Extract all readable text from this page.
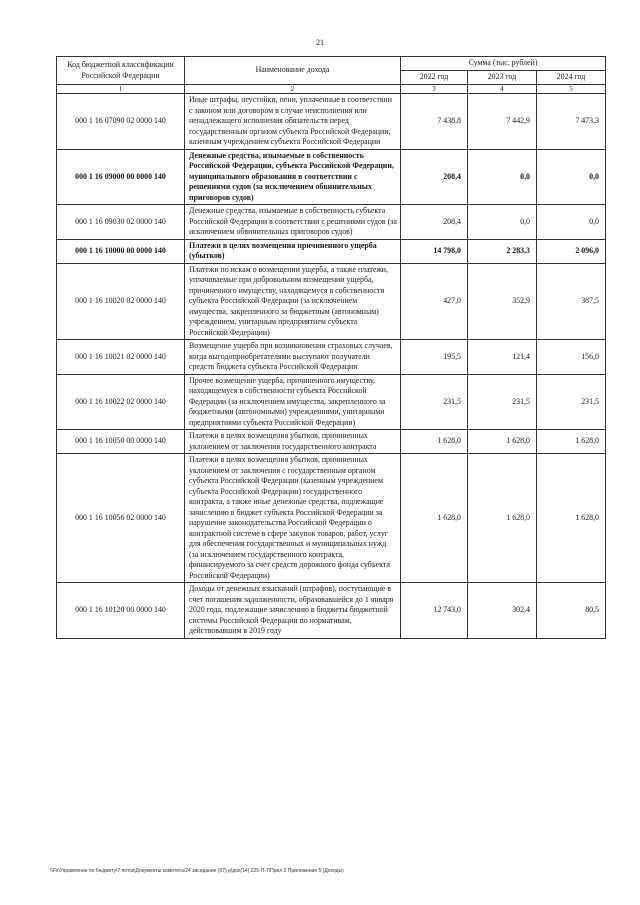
21
Код бюджетной классификации Российской Федерации	Наименование дохода	Сумма (тыс. рублей)		
		2022 год	2023 год	2024 год
1	2	3	4	5
000 1 16 07090 02 0000 140	Иные штрафы, неустойки, пени, уплаченные в соответствии с законом или договором в случае неисполнения или ненадлежащего исполнения обязательств перед государственным органом субъекта Российской Федерации, казенным учреждением субъекта Российской Федерации	7 438,8	7 442,9	7 473,3
000 1 16 09000 00 0000 140	Денежные средства, изымаемые в собственность Российской Федерации, субъекта Российской Федерации, муниципального образования в соответствии с решениями судов (за исключением обвинительных приговоров судов)	208,4	0,0	0,0
000 1 16 09030 02 0000 140	Денежные средства, изымаемые в собственность субъекта Российской Федерации в соответствии с решениями судов (за исключением обвинительных приговоров судов)	208,4	0,0	0,0
000 1 16 10000 00 0000 140	Платежи в целях возмещения причиненного ущерба (убытков)	14 798,0	2 283,3	2 096,0
000 1 16 10020 02 0000 140	Платежи по искам о возмещении ущерба, а также платежи, уплачиваемые при добровольном возмещении ущерба, причиненного имуществу, находящемуся в собственности субъекта Российской Федерации (за исключением имущества, закрепленного за бюджетным (автономным) учреждением, унитарным предприятием субъекта Российской Федерации)	427,0	352,9	387,5
000 1 16 10021 02 0000 140	Возмещение ущерба при возникновении страховых случаев, когда выгодоприобретателями выступают получатели средств бюджета субъекта Российской Федерации	195,5	121,4	156,0
000 1 16 10022 02 0000 140	Прочее возмещение ущерба, причиненного имуществу, находящемуся в собственности субъекта Российской Федерации (за исключением имущества, закрепленного за бюджетными (автономными) учреждениями, унитарными предприятиями субъекта Российской Федерации)	231,5	231,5	231,5
000 1 16 10050 00 0000 140	Платежи в целях возмещения убытков, причиненных уклонением от заключения государственного контракта	1 628,0	1 628,0	1 628,0
000 1 16 10056 02 0000 140	Платежи в целях возмещения убытков, причиненных уклонением от заключения с государственным органом субъекта Российской Федерации (казенным учреждением субъекта Российской Федерации) государственного контракта, а также иные денежные средства, подлежащие зачислению в бюджет субъекта Российской Федерации за нарушение законодательства Российской Федерации о контрактной системе в сфере закупок товаров, работ, услуг для обеспечения государственных и муниципальных нужд (за исключением государственного контракта, финансируемого за счет средств дорожного фонда субъекта Российской Федерации)	1 628,0	1 628,0	1 628,0
000 1 16 10120 00 0000 140	Доходы от денежных взысканий (штрафов), поступающие в счет погашения задолженности, образовавшейся до 1 января 2020 года, подлежащие зачислению в бюджеты бюджетной системы Российской Федерации по нормативам, действовавшим в 2019 году	12 743,0	302,4	80,5
\\Fs\Управление по бюджету\7 поток\Документы комитета\24 заседание (07) р\дох(14) 225-П-7\Прил 2 Приложение 5 (Доходы)
